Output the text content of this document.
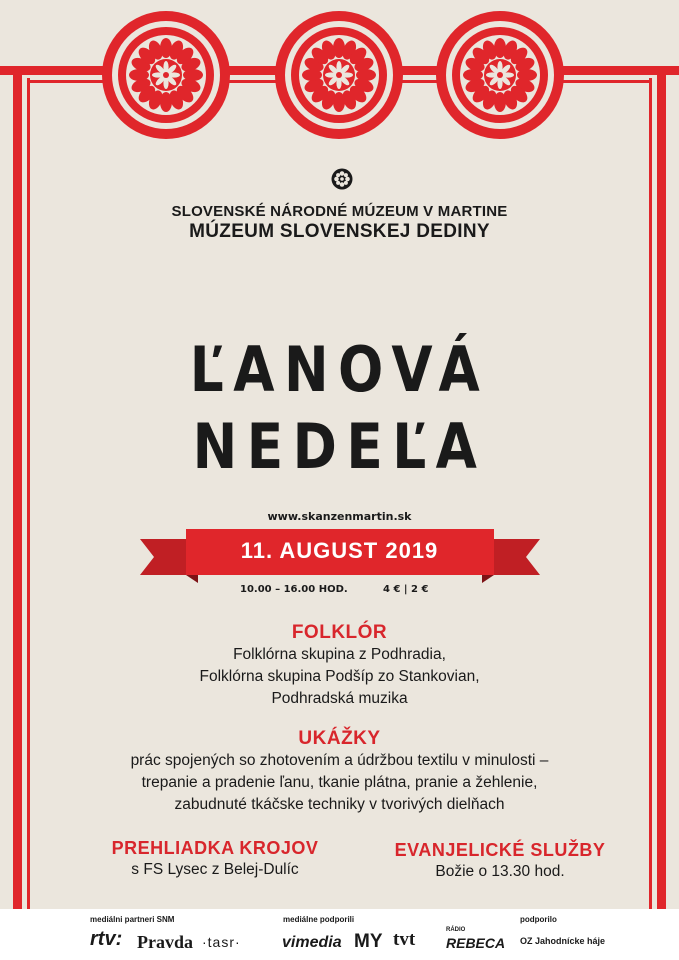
SLOVENSKÉ NÁRODNÉ MÚZEUM V MARTINE
MÚZEUM SLOVENSKEJ DEDINY
ĽANOVÁ
NEDEĽA
www.skanzenmartin.sk
11. AUGUST 2019
10.00 – 16.00 HOD.	4 € | 2 €
FOLKLÓR
Folklórna skupina z Podhradia,
Folklórna skupina Podšíp zo Stankovian,
Podhradská muzika
UKÁŽKY
prác spojených so zhotovením a údržbou textilu v minulosti –
trepanie a pradenie ľanu, tkanie plátna, pranie a žehlenie,
zabudnuté tkáčske techniky v tvorivých dielňach
PREHLIADKA KROJOV
s FS Lysec z Belej-Dulíc
EVANJELICKÉ SLUŽBY
Božie o 13.30 hod.
mediálni partneri SNM	mediálne podporili	podporilo
rtv: Pravda ·tasr·	vimedia MY tvt	RÁDIO
REBECA OZ Jahodnícke háje
